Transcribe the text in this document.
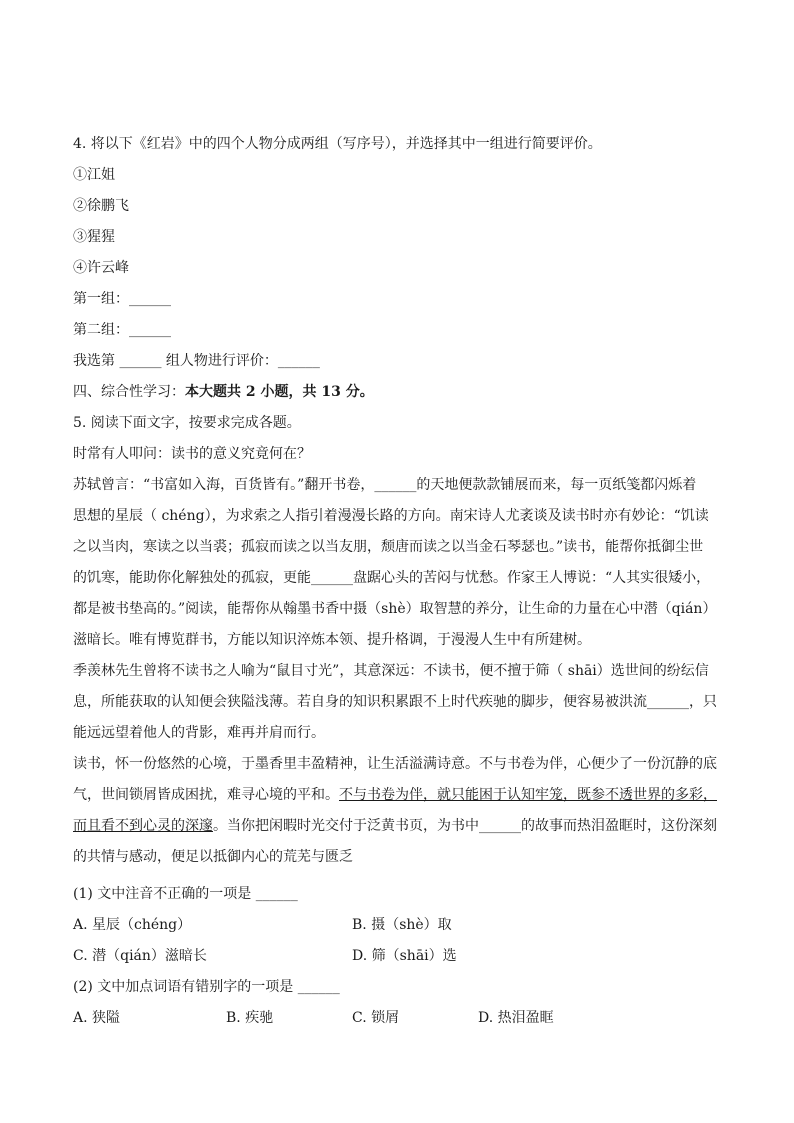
4. 将以下《红岩》中的四个人物分成两组（写序号），并选择其中一组进行简要评价。
①江姐
②徐鹏飞
③猩猩
④许云峰
第一组：______
第二组：______
我选第 ______ 组人物进行评价：______
四、综合性学习：本大题共 2 小题，共 13 分。
5. 阅读下面文字，按要求完成各题。
时常有人叩问：读书的意义究竟何在？
苏轼曾言：“书富如入海，百货皆有。”翻开书卷，______的天地便款款铺展而来，每一页纸笺都闪烁着
思想的星辰（ chéng），为求索之人指引着漫漫长路的方向。南宋诗人尤袤谈及读书时亦有妙论：“饥读
之以当肉，寒读之以当裘；孤寂而读之以当友朋，颓唐而读之以当金石琴瑟也。”读书，能帮你抵御尘世
的饥寒，能助你化解独处的孤寂，更能______盘踞心头的苦闷与忧愁。作家王人博说：“人其实很矮小，
都是被书垫高的。”阅读，能帮你从翰墨书香中摄（shè）取智慧的养分，让生命的力量在心中潜（qián）
滋暗长。唯有博览群书，方能以知识淬炼本领、提升格调，于漫漫人生中有所建树。
季羡林先生曾将不读书之人喻为“鼠目寸光”，其意深远：不读书，便不擅于筛（ shāi）选世间的纷纭信
息，所能获取的认知便会狭隘浅薄。若自身的知识积累跟不上时代疾驰的脚步，便容易被洪流______，只
能远远望着他人的背影，难再并肩而行。
读书，怀一份悠然的心境，于墨香里丰盈精神，让生活溢满诗意。不与书卷为伴，心便少了一份沉静的底
气，世间锁屑皆成困扰，难寻心境的平和。不与书卷为伴，就只能困于认知牢笼，既参不透世界的多彩，
而且看不到心灵的深邃。当你把闲暇时光交付于泛黄书页，为书中______的故事而热泪盈眶时，这份深刻
的共情与感动，便足以抵御内心的荒芜与匮乏
(1) 文中注音不正确的一项是 ______
A. 星辰（chéng）	B. 摄（shè）取
C. 潜（qián）滋暗长	D. 筛（shāi）选
(2) 文中加点词语有错别字的一项是 ______
A. 狭隘	B. 疾驰	C. 锁屑	D. 热泪盈眶
